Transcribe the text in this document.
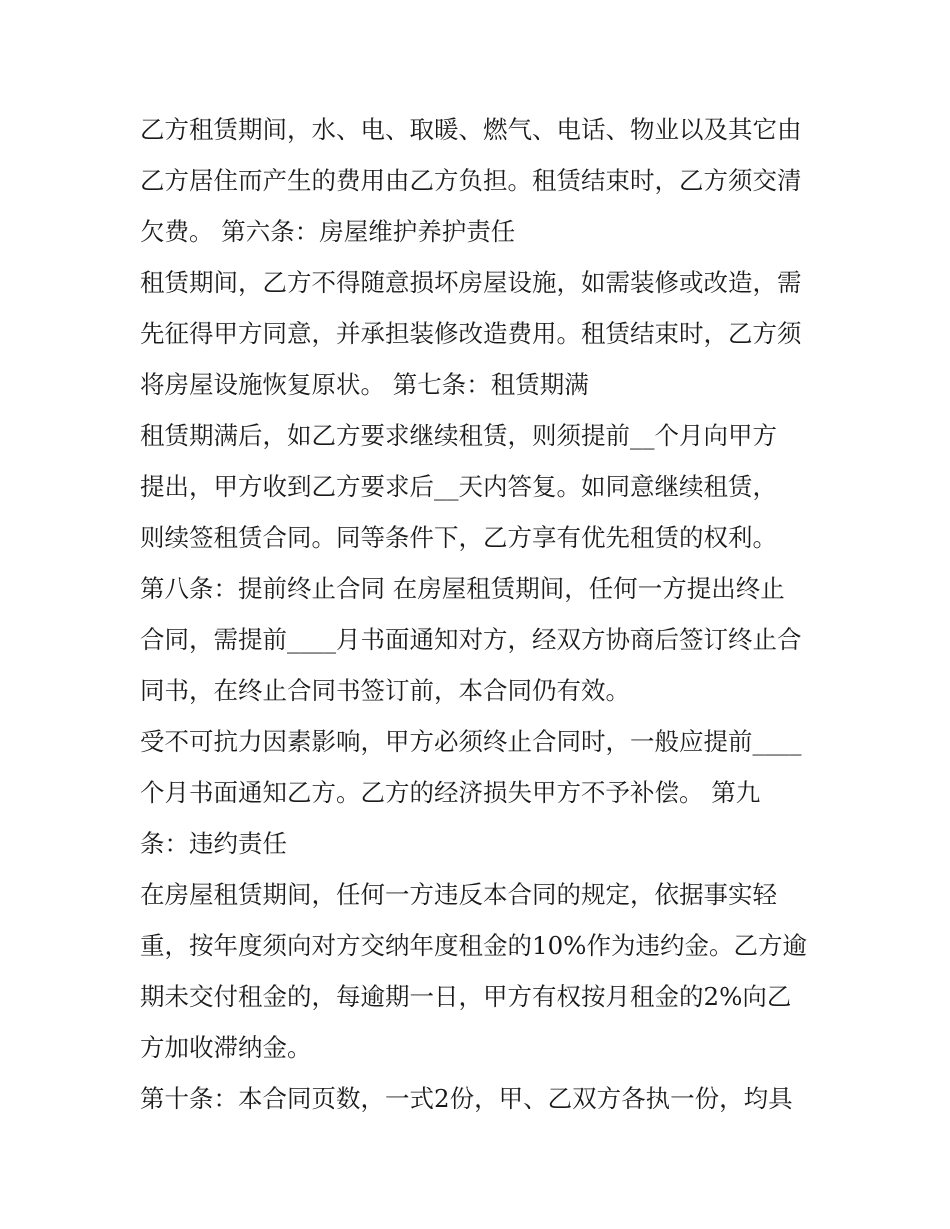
乙方租赁期间，水、电、取暖、燃气、电话、物业以及其它由
乙方居住而产生的费用由乙方负担。租赁结束时，乙方须交清
欠费。 第六条：房屋维护养护责任
租赁期间，乙方不得随意损坏房屋设施，如需装修或改造，需
先征得甲方同意，并承担装修改造费用。租赁结束时，乙方须
将房屋设施恢复原状。 第七条：租赁期满
租赁期满后，如乙方要求继续租赁，则须提前__个月向甲方
提出，甲方收到乙方要求后__天内答复。如同意继续租赁，
则续签租赁合同。同等条件下，乙方享有优先租赁的权利。
第八条：提前终止合同 在房屋租赁期间，任何一方提出终止
合同，需提前____月书面通知对方，经双方协商后签订终止合
同书，在终止合同书签订前，本合同仍有效。
受不可抗力因素影响，甲方必须终止合同时，一般应提前____
个月书面通知乙方。乙方的经济损失甲方不予补偿。 第九
条：违约责任
在房屋租赁期间，任何一方违反本合同的规定，依据事实轻
重，按年度须向对方交纳年度租金的10%作为违约金。乙方逾
期未交付租金的，每逾期一日，甲方有权按月租金的2%向乙
方加收滞纳金。
第十条：本合同页数，一式2份，甲、乙双方各执一份，均具
